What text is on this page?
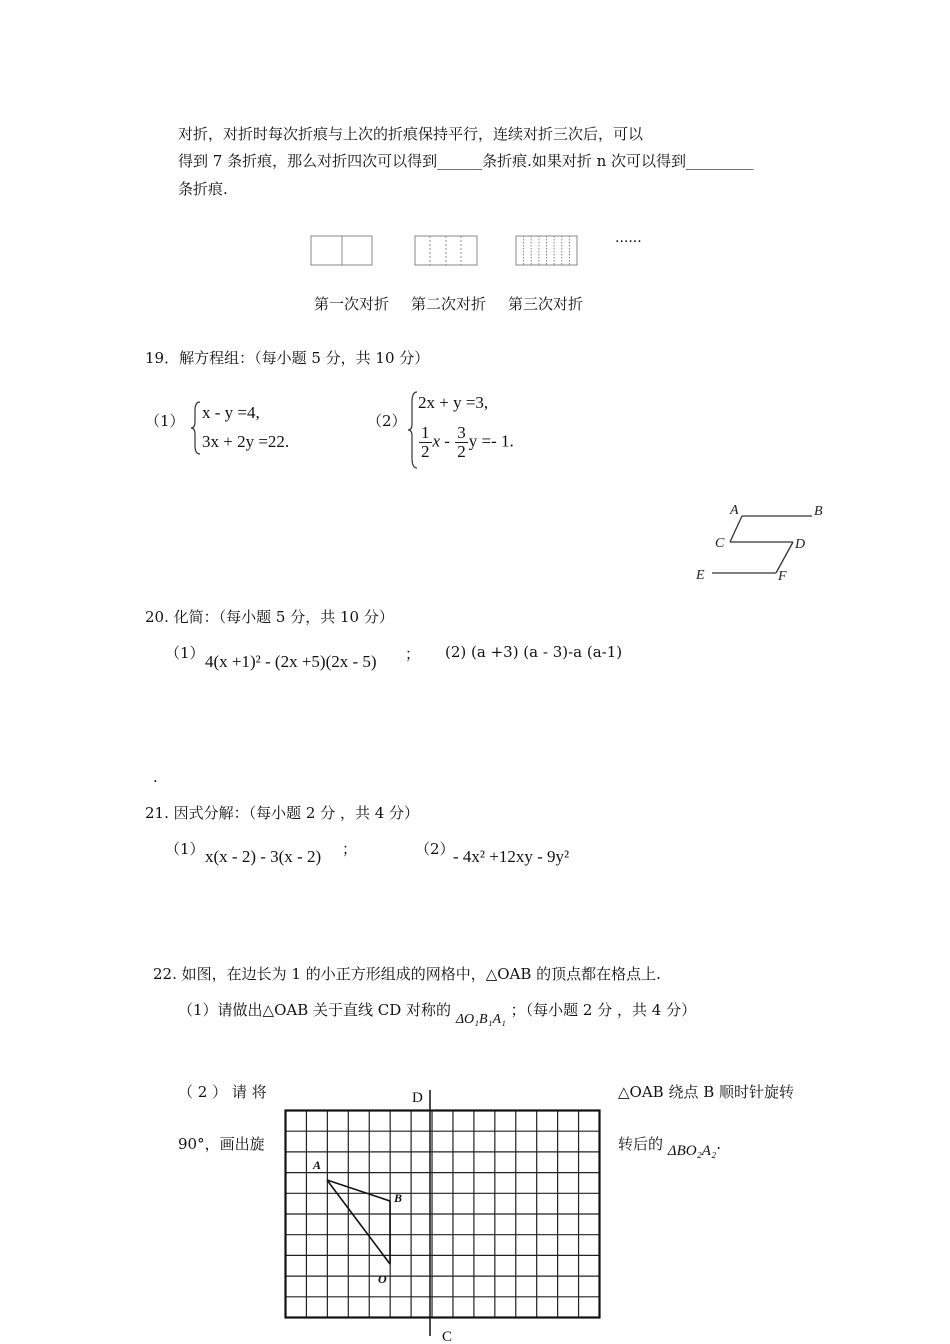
对折，对折时每次折痕与上次的折痕保持平行，连续对折三次后，可以
得到 7 条折痕，那么对折四次可以得到______条折痕.如果对折 n 次可以得到_________
条折痕.
......
第一次对折 第二次对折 第三次对折
19．解方程组：（每小题 5 分，共 10 分）
（1） x - y =4,
3x + 2y =22.
（2）
2x + y =3,
$\frac{1}{2}$ x - $\frac{3}{2}$ y =- 1.
A	B
C	D
E	F
20. 化简：（每小题 5 分，共 10 分）
（1） 4(x +1)² - (2x +5)(2x - 5) ； (2) (a +3) (a - 3)-a (a-1)
.
21. 因式分解：（每小题 2 分 ，共 4 分）
（1） x(x - 2) - 3(x - 2) ；	（2）
- 4x² +12xy - 9y²
22. 如图，在边长为 1 的小正方形组成的网格中，△OAB 的顶点都在格点上.
（1）请做出△OAB 关于直线 CD 对称的 ΔO₁B₁A₁ ；（每小题 2 分 ，共 4 分）
（ 2 ） 请 将
90°，画出旋
△OAB 绕点 B 顺时针旋转
转后的 ΔBO₂A₂.
D
C
A
B
O
